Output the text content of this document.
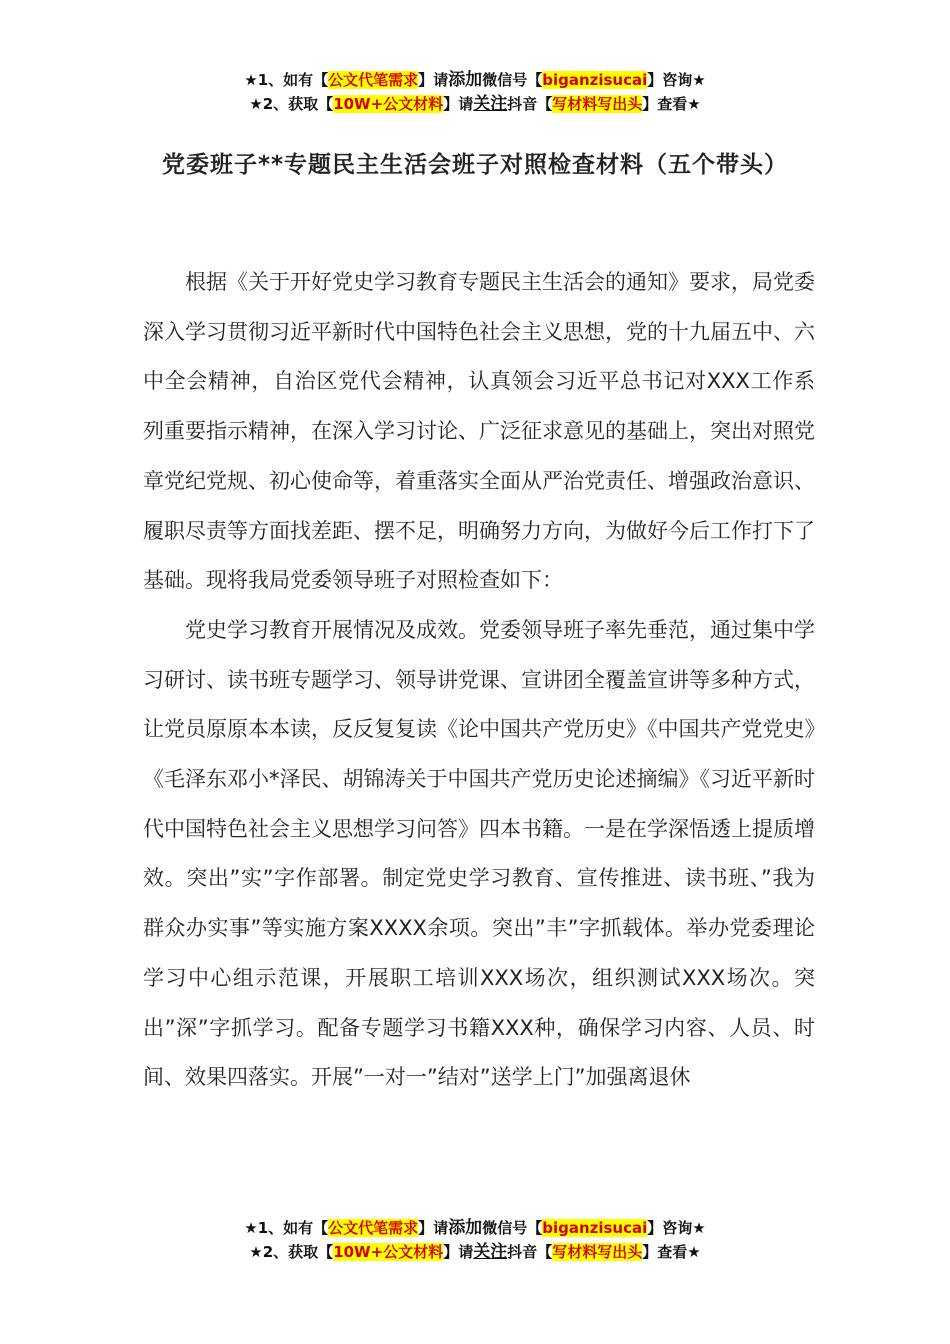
★1、如有【公文代笔需求】请添加微信号【biganzisucai】咨询★
★2、获取【10W+公文材料】请关注抖音【写材料写出头】查看★
党委班子**专题民主生活会班子对照检查材料（五个带头）

根据《关于开好党史学习教育专题民主生活会的通知》要求，局党委深入学习贯彻习近平新时代中国特色社会主义思想，党的十九届五中、六中全会精神，自治区党代会精神，认真领会习近平总书记对XXX工作系列重要指示精神，在深入学习讨论、广泛征求意见的基础上，突出对照党章党纪党规、初心使命等，着重落实全面从严治党责任、增强政治意识、履职尽责等方面找差距、摆不足，明确努力方向，为做好今后工作打下了基础。现将我局党委领导班子对照检查如下：

党史学习教育开展情况及成效。党委领导班子率先垂范，通过集中学习研讨、读书班专题学习、领导讲党课、宣讲团全覆盖宣讲等多种方式，让党员原原本本读，反反复复读《论中国共产党历史》《中国共产党党史》《毛泽东邓小*泽民、胡锦涛关于中国共产党历史论述摘编》《习近平新时代中国特色社会主义思想学习问答》四本书籍。一是在学深悟透上提质增效。突出”实”字作部署。制定党史学习教育、宣传推进、读书班、”我为群众办实事”等实施方案XXXX余项。突出”丰”字抓载体。举办党委理论学习中心组示范课，开展职工培训XXX场次，组织测试XXX场次。突出”深”字抓学习。配备专题学习书籍XXX种，确保学习内容、人员、时间、效果四落实。开展”一对一”结对”送学上门”加强离退休

★1、如有【公文代笔需求】请添加微信号【biganzisucai】咨询★
★2、获取【10W+公文材料】请关注抖音【写材料写出头】查看★
